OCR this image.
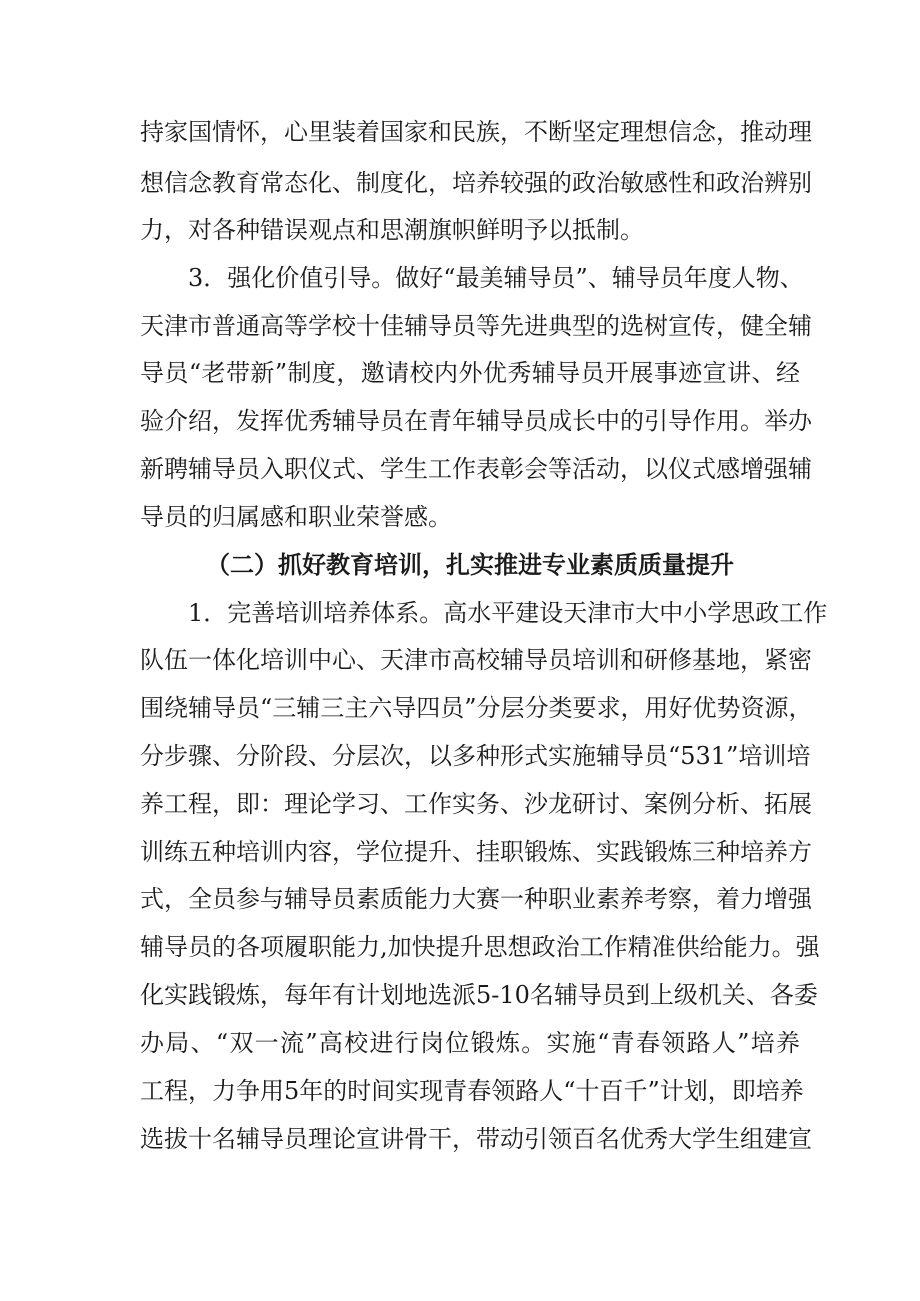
持家国情怀，心里装着国家和民族，不断坚定理想信念，推动理
想信念教育常态化、制度化，培养较强的政治敏感性和政治辨别
力，对各种错误观点和思潮旗帜鲜明予以抵制。
3．强化价值引导。做好“最美辅导员”、辅导员年度人物、
天津市普通高等学校十佳辅导员等先进典型的选树宣传，健全辅
导员“老带新”制度，邀请校内外优秀辅导员开展事迹宣讲、经
验介绍，发挥优秀辅导员在青年辅导员成长中的引导作用。举办
新聘辅导员入职仪式、学生工作表彰会等活动，以仪式感增强辅
导员的归属感和职业荣誉感。
（二）抓好教育培训，扎实推进专业素质质量提升
1．完善培训培养体系。高水平建设天津市大中小学思政工作
队伍一体化培训中心、天津市高校辅导员培训和研修基地，紧密
围绕辅导员“三辅三主六导四员”分层分类要求，用好优势资源，
分步骤、分阶段、分层次，以多种形式实施辅导员“531”培训培
养工程，即：理论学习、工作实务、沙龙研讨、案例分析、拓展
训练五种培训内容，学位提升、挂职锻炼、实践锻炼三种培养方
式，全员参与辅导员素质能力大赛一种职业素养考察，着力增强
辅导员的各项履职能力,加快提升思想政治工作精准供给能力。强
化实践锻炼，每年有计划地选派5-10名辅导员到上级机关、各委
办局、“双一流”高校进行岗位锻炼。实施“青春领路人”培养
工程，力争用5年的时间实现青春领路人“十百千”计划，即培养
选拔十名辅导员理论宣讲骨干，带动引领百名优秀大学生组建宣
